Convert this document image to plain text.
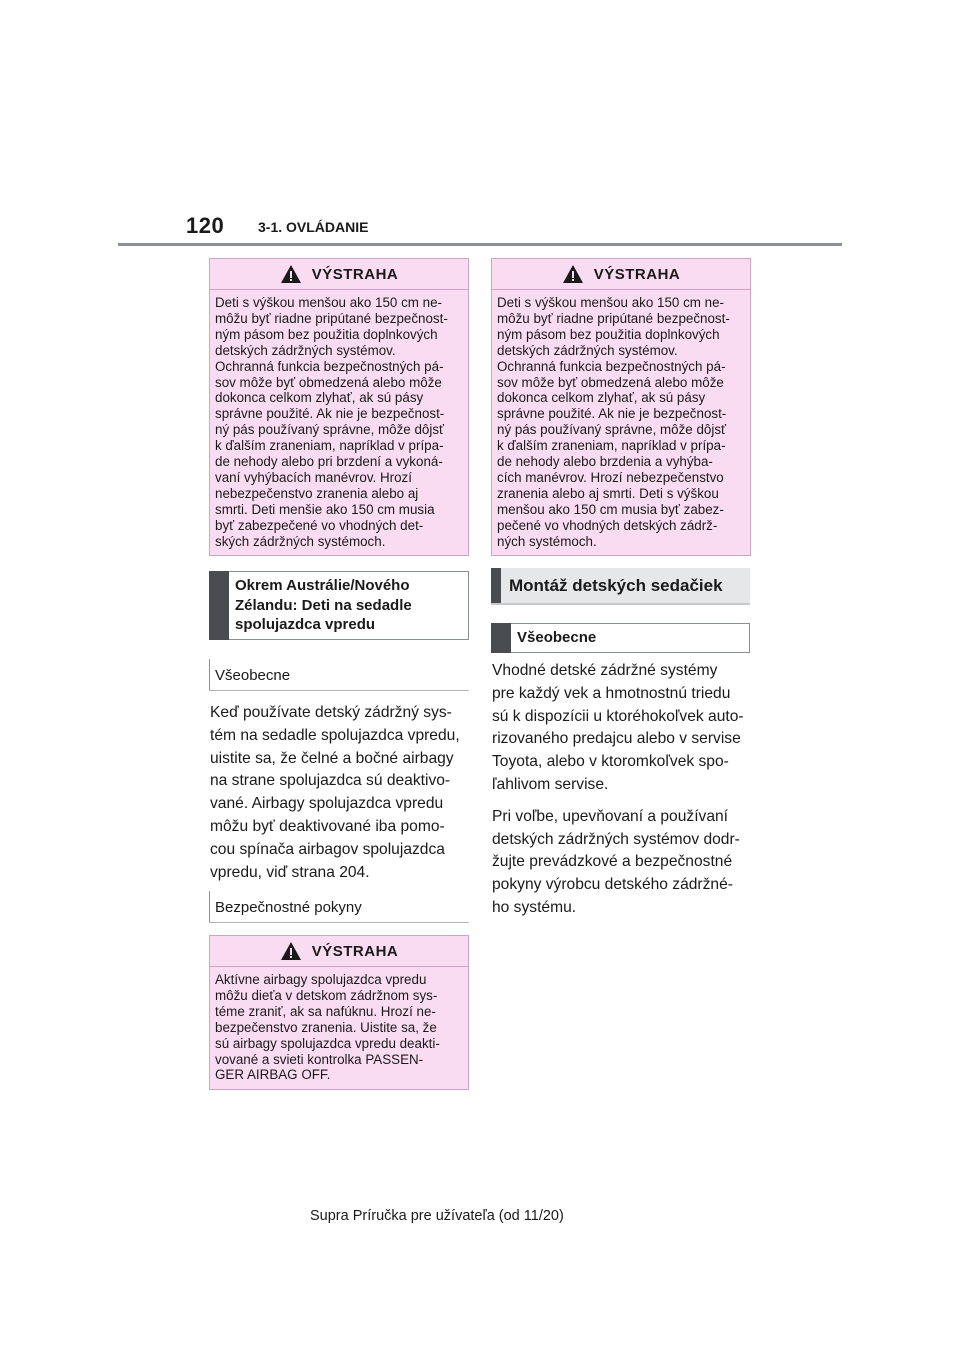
120 3-1. OVLÁDANIE
VÝSTRAHA

Deti s výškou menšou ako 150 cm ne-

môžu byť riadne pripútané bezpečnost-

ným pásom bez použitia doplnkových

detských zádržných systémov.

Ochranná funkcia bezpečnostných pá-

sov môže byť obmedzená alebo môže

dokonca celkom zlyhať, ak sú pásy

správne použité. Ak nie je bezpečnost-

ný pás používaný správne, môže dôjsť

k ďalším zraneniam, napríklad v prípa-

de nehody alebo pri brzdení a vykoná-

vaní vyhýbacích manévrov. Hrozí

nebezpečenstvo zranenia alebo aj

smrti. Deti menšie ako 150 cm musia

byť zabezpečené vo vhodných det-

ských zádržných systémoch.

Okrem Austrálie/Nového
Zélandu: Deti na sedadle
spolujazdca vpredu
Všeobecne
Keď používate detský zádržný sys-
tém na sedadle spolujazdca vpredu,
uistite sa, že čelné a bočné airbagy
na strane spolujazdca sú deaktivo-
vané. Airbagy spolujazdca vpredu
môžu byť deaktivované iba pomo-
cou spínača airbagov spolujazdca
vpredu, viď strana 204.
Bezpečnostné pokyny
VÝSTRAHA

Aktívne airbagy spolujazdca vpredu

môžu dieťa v detskom zádržnom sys-

téme zraniť, ak sa nafúknu. Hrozí ne-

bezpečenstvo zranenia. Uistite sa, že

sú airbagy spolujazdca vpredu deakti-

vované a svieti kontrolka PASSEN-

GER AIRBAG OFF.

VÝSTRAHA

Deti s výškou menšou ako 150 cm ne-

môžu byť riadne pripútané bezpečnost-

ným pásom bez použitia doplnkových

detských zádržných systémov.

Ochranná funkcia bezpečnostných pá-

sov môže byť obmedzená alebo môže

dokonca celkom zlyhať, ak sú pásy

správne použité. Ak nie je bezpečnost-

ný pás používaný správne, môže dôjsť

k ďalším zraneniam, napríklad v prípa-

de nehody alebo brzdenia a vyhýba-

cích manévrov. Hrozí nebezpečenstvo

zranenia alebo aj smrti. Deti s výškou

menšou ako 150 cm musia byť zabez-

pečené vo vhodných detských zádrž-

ných systémoch.

Montáž detských sedačiek
Všeobecne

Vhodné detské zádržné systémy
pre každý vek a hmotnostnú triedu
sú k dispozícii u ktoréhokoľvek auto-
rizovaného predajcu alebo v servise
Toyota, alebo v ktoromkoľvek spo-
ľahlivom servise.

Pri voľbe, upevňovaní a používaní
detských zádržných systémov dodr-
žujte prevádzkové a bezpečnostné
pokyny výrobcu detského zádržné-
ho systému.

Supra Príručka pre užívateľa (od 11/20)
